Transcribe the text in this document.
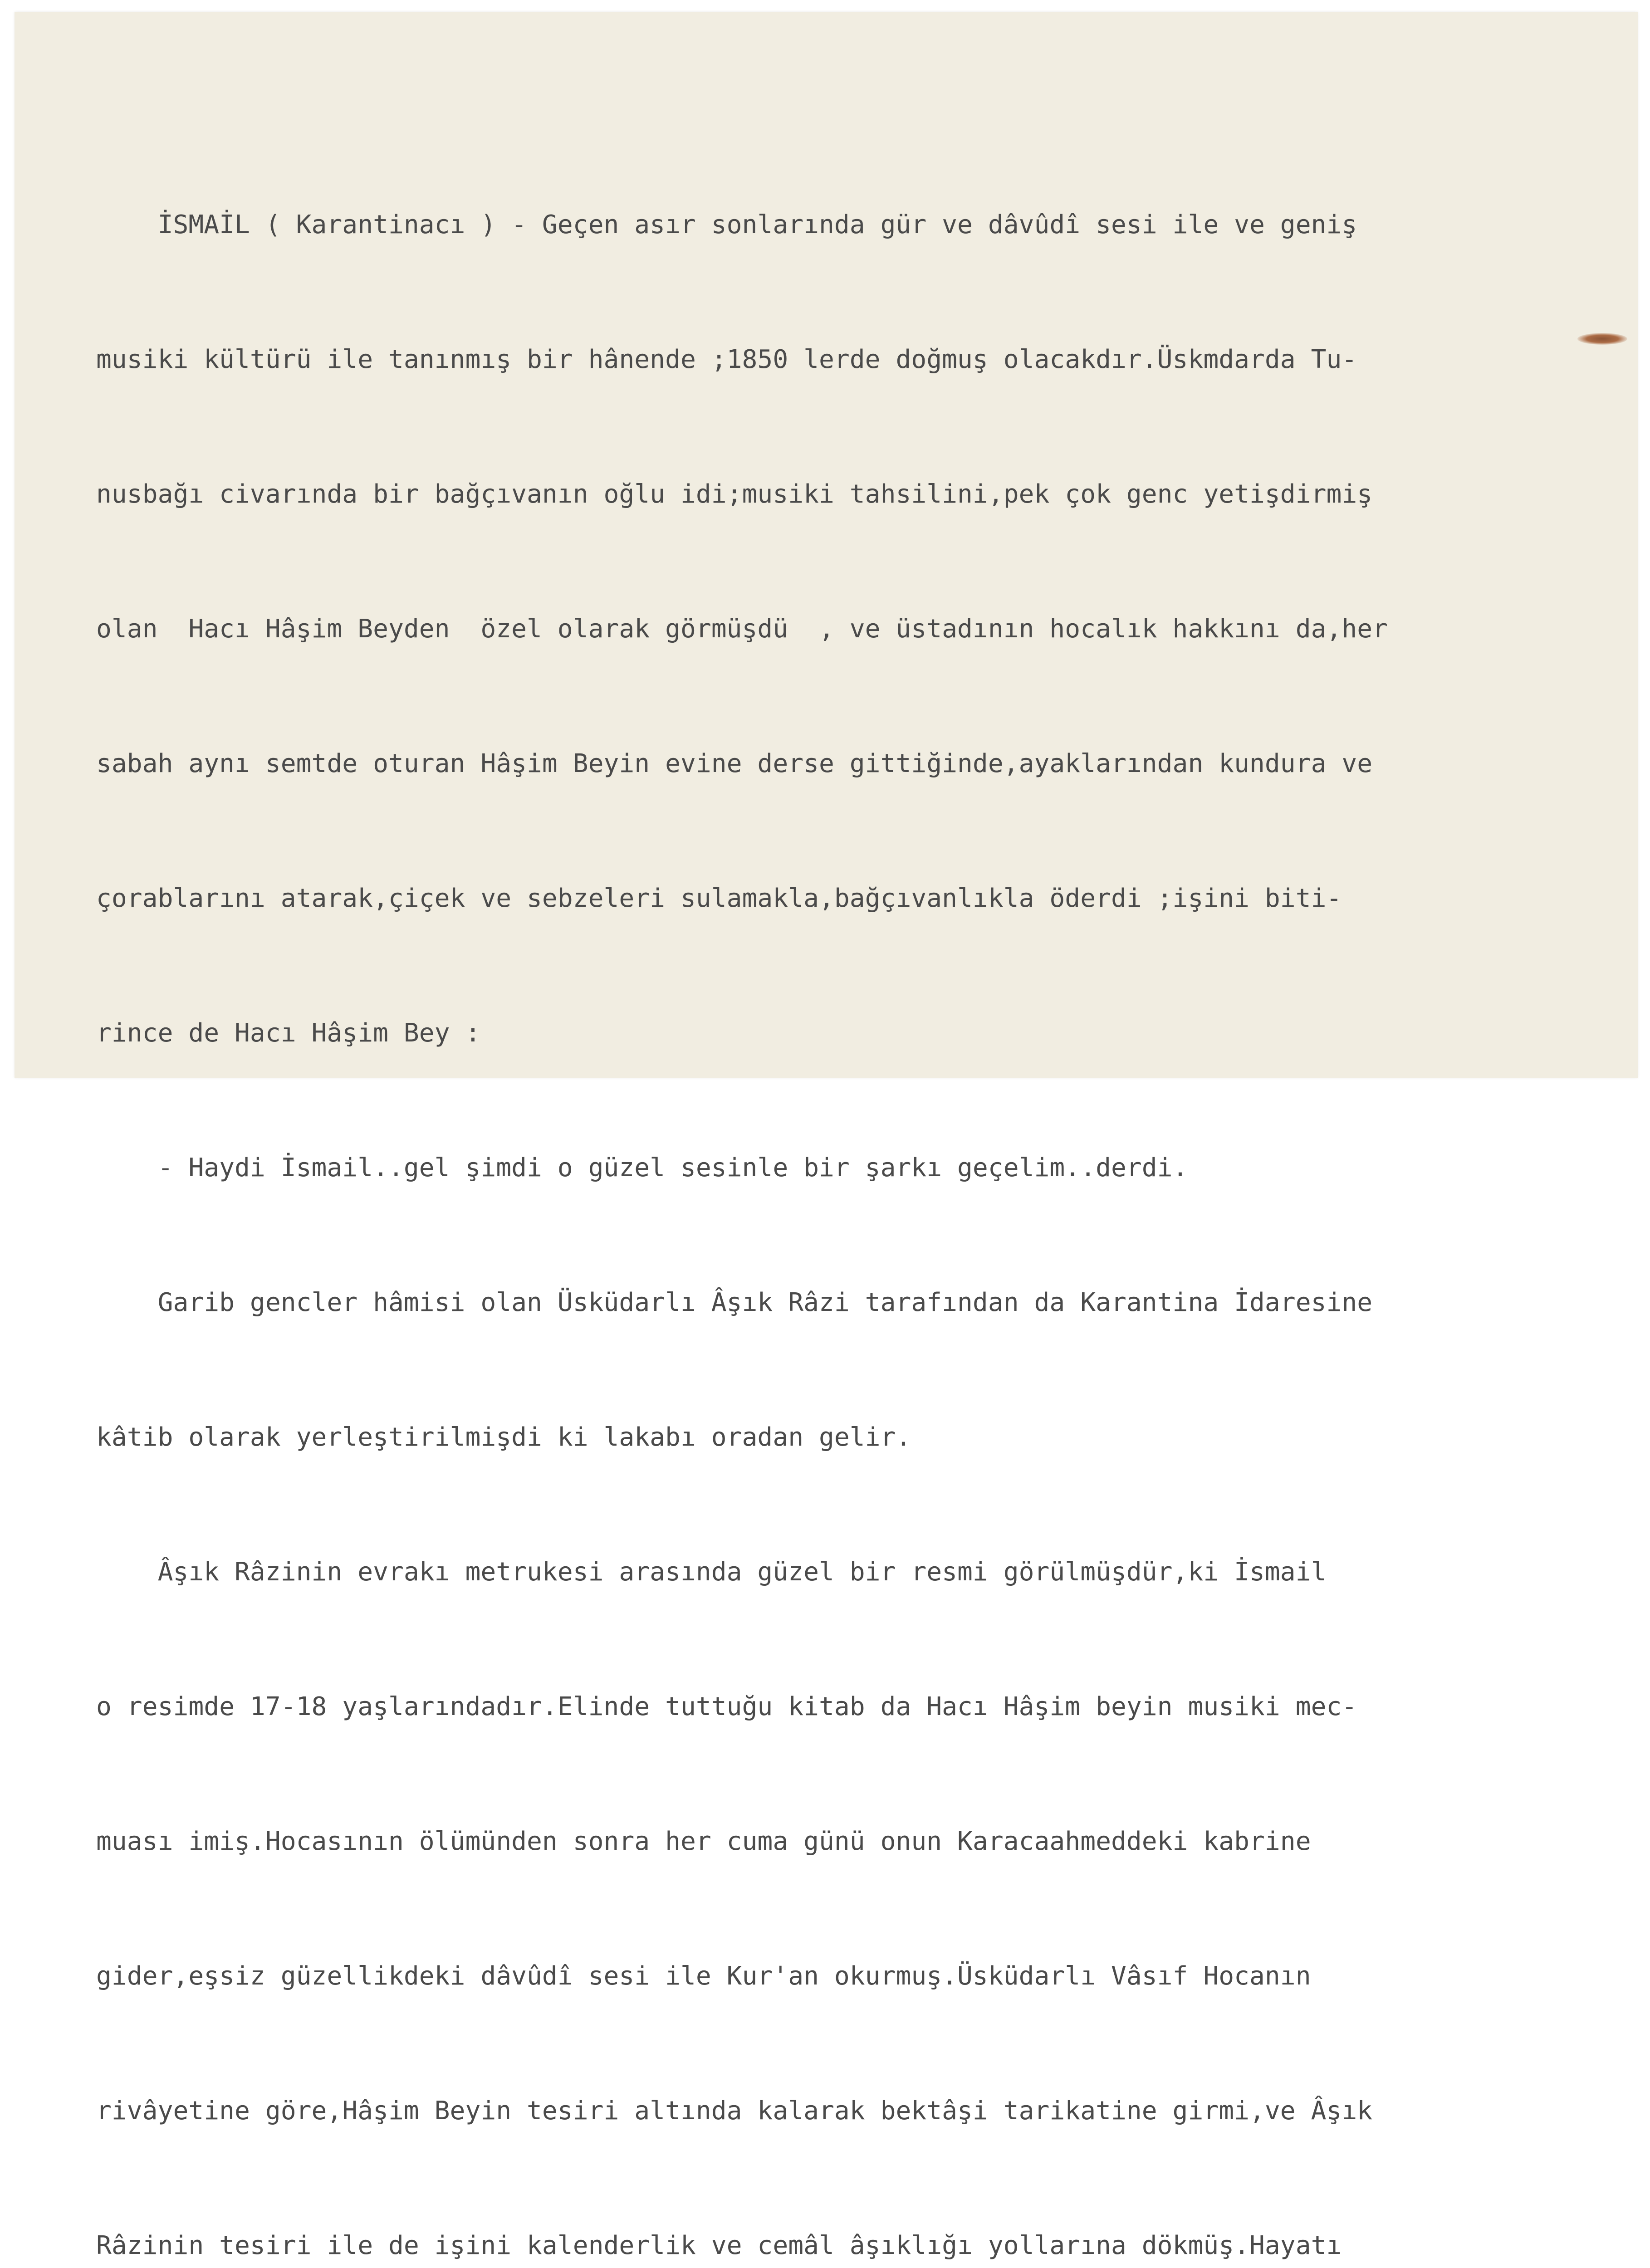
İSMAİL ( Karantinacı ) - Geçen asır sonlarında gür ve dâvûdî sesi ile ve geniş

musiki kültürü ile tanınmış bir hânende ;1850 lerde doğmuş olacakdır.Üskmdarda Tu-

nusbağı civarında bir bağçıvanın oğlu idi;musiki tahsilini,pek çok genc yetişdirmiş

olan  Hacı Hâşim Beyden  özel olarak görmüşdü  , ve üstadının hocalık hakkını da,her

sabah aynı semtde oturan Hâşim Beyin evine derse gittiğinde,ayaklarından kundura ve

çorablarını atarak,çiçek ve sebzeleri sulamakla,bağçıvanlıkla öderdi ;işini biti-

rince de Hacı Hâşim Bey :

- Haydi İsmail..gel şimdi o güzel sesinle bir şarkı geçelim..derdi.

Garib gencler hâmisi olan Üsküdarlı Âşık Râzi tarafından da Karantina İdaresine

kâtib olarak yerleştirilmişdi ki lakabı oradan gelir.

Âşık Râzinin evrakı metrukesi arasında güzel bir resmi görülmüşdür,ki İsmail

o resimde 17-18 yaşlarındadır.Elinde tuttuğu kitab da Hacı Hâşim beyin musiki mec-

muası imiş.Hocasının ölümünden sonra her cuma günü onun Karacaahmeddeki kabrine

gider,eşsiz güzellikdeki dâvûdî sesi ile Kur'an okurmuş.Üsküdarlı Vâsıf Hocanın

rivâyetine göre,Hâşim Beyin tesiri altında kalarak bektâşi tarikatine girmi,ve Âşık

Râzinin tesiri ile de işini kalenderlik ve cemâl âşıklığı yollarına dökmüş.Hayatı
